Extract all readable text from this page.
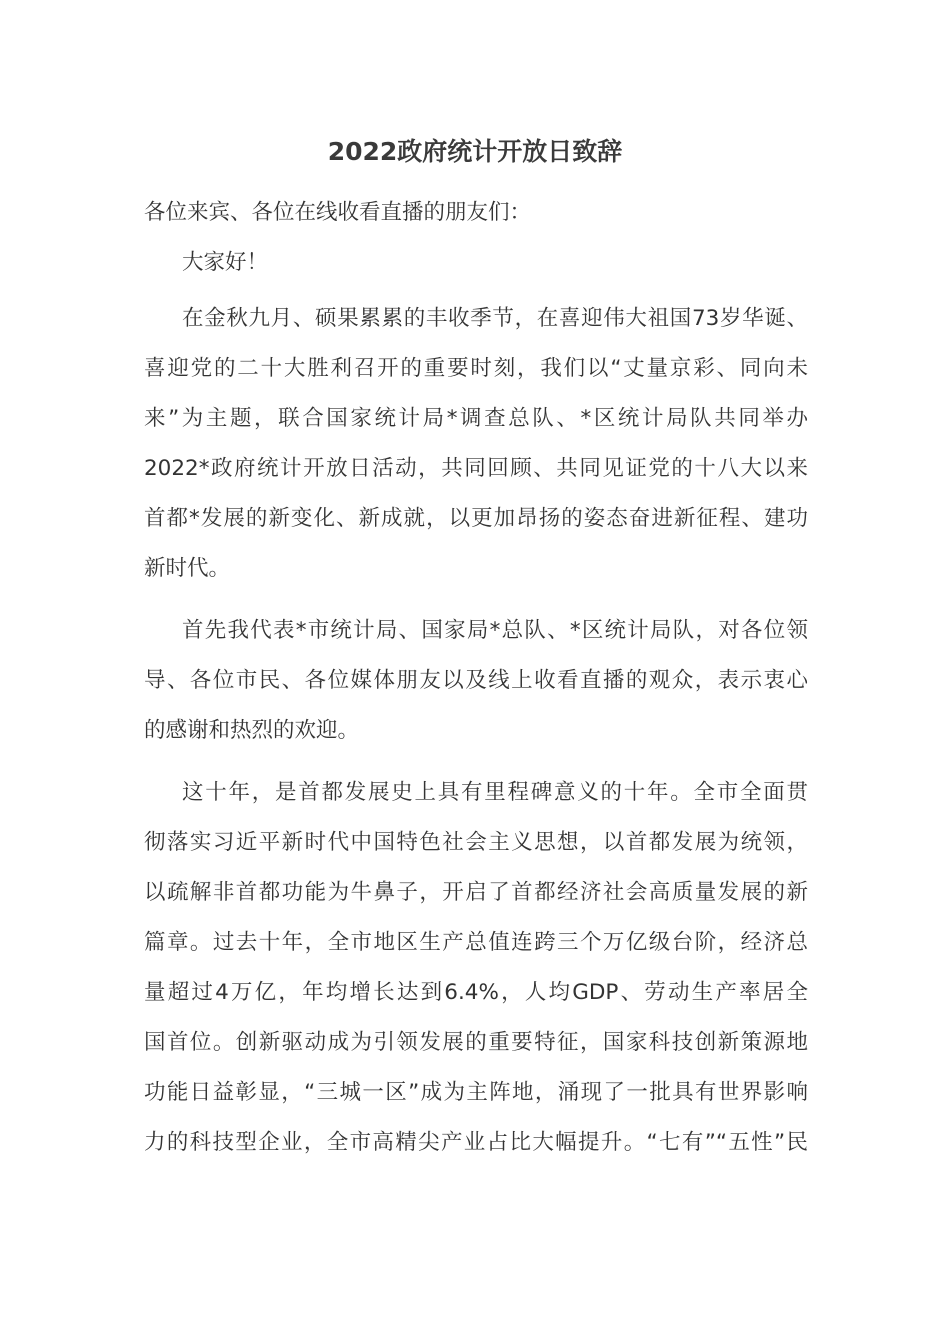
2022政府统计开放日致辞

各位来宾、各位在线收看直播的朋友们：

大家好！

在金秋九月、硕果累累的丰收季节，在喜迎伟大祖国73岁华诞、
喜迎党的二十大胜利召开的重要时刻，我们以“丈量京彩、同向未
来”为主题，联合国家统计局*调查总队、*区统计局队共同举办
2022*政府统计开放日活动，共同回顾、共同见证党的十八大以来
首都*发展的新变化、新成就，以更加昂扬的姿态奋进新征程、建功
新时代。
首先我代表*市统计局、国家局*总队、*区统计局队，对各位领
导、各位市民、各位媒体朋友以及线上收看直播的观众，表示衷心
的感谢和热烈的欢迎。
这十年，是首都发展史上具有里程碑意义的十年。全市全面贯
彻落实习近平新时代中国特色社会主义思想，以首都发展为统领，
以疏解非首都功能为牛鼻子，开启了首都经济社会高质量发展的新
篇章。过去十年，全市地区生产总值连跨三个万亿级台阶，经济总
量超过4万亿，年均增长达到6.4%，人均GDP、劳动生产率居全
国首位。创新驱动成为引领发展的重要特征，国家科技创新策源地
功能日益彰显，“三城一区”成为主阵地，涌现了一批具有世界影响
力的科技型企业，全市高精尖产业占比大幅提升。“七有”“五性”民
